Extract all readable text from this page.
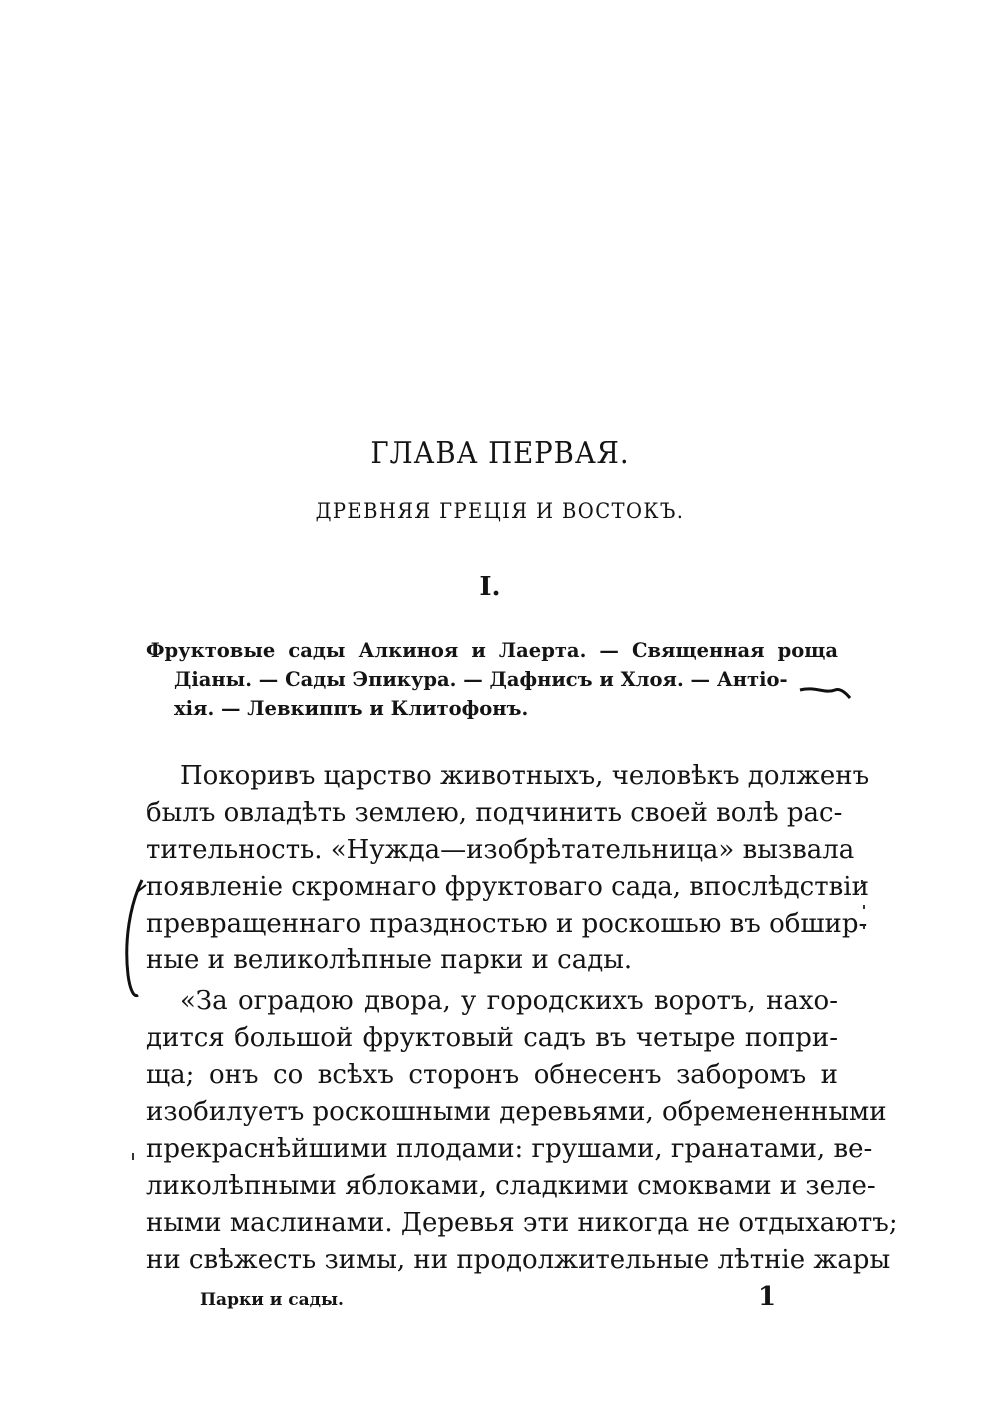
ГЛАВА ПЕРВАЯ.
ДРЕВНЯЯ ГРЕЦІЯ И ВОСТОКЪ.
I.
Фруктовые сады Алкиноя и Лаерта. — Священная роща
Діаны. — Сады Эпикура. — Дафнисъ и Хлоя. — Антіо-
хія. — Левкиппъ и Клитофонъ.
Покоривъ царство животныхъ, человѣкъ долженъ
былъ овладѣть землею, подчинить своей волѣ рас-
тительность. «Нужда—изобрѣтательница» вызвала
появленіе скромнаго фруктоваго сада, впослѣдствіи
превращеннаго праздностью и роскошью въ обшир-
ные и великолѣпные парки и сады.
«За оградою двора, у городскихъ воротъ, нахо-
дится большой фруктовый садъ въ четыре попри-
ща; онъ со всѣхъ сторонъ обнесенъ заборомъ и
изобилуетъ роскошными деревьями, обремененными
прекраснѣйшими плодами: грушами, гранатами, ве-
ликолѣпными яблоками, сладкими смоквами и зеле-
ными маслинами. Деревья эти никогда не отдыхаютъ;
ни свѣжесть зимы, ни продолжительные лѣтніе жары
Парки и сады.	1
